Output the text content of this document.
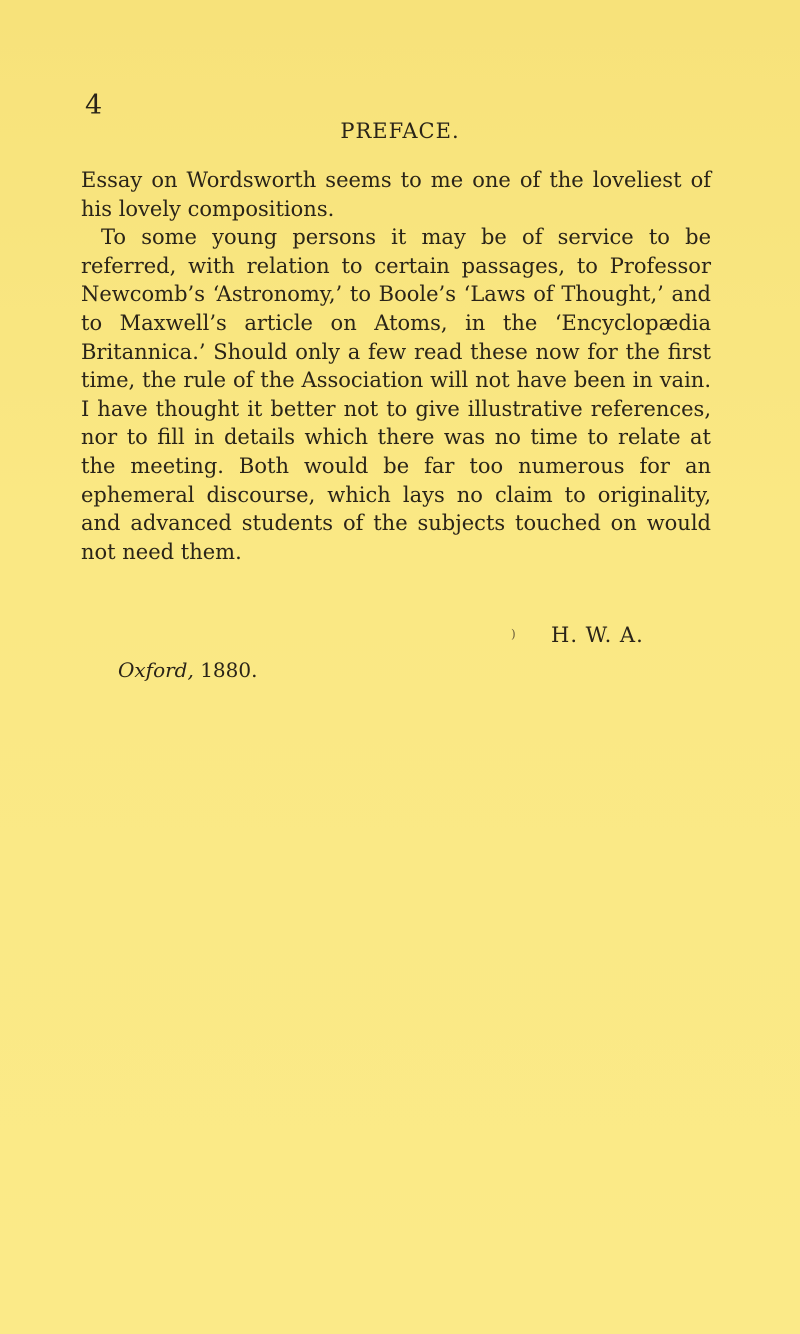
4
PREFACE.

Essay on Wordsworth seems to me one of the loveliest of his lovely compositions.

To some young persons it may be of service to be referred, with relation to certain passages, to Professor Newcomb’s ‘Astronomy,’ to Boole’s ‘Laws of Thought,’ and to Maxwell’s article on Atoms, in the ‘Encyclopædia Britannica.’ Should only a few read these now for the first time, the rule of the Association will not have been in vain. I have thought it better not to give illustrative references, nor to fill in details which there was no time to relate at the meeting. Both would be far too numerous for an ephemeral discourse, which lays no claim to originality, and advanced students of the subjects touched on would not need them.

) H. W. A.
Oxford, 1880.
